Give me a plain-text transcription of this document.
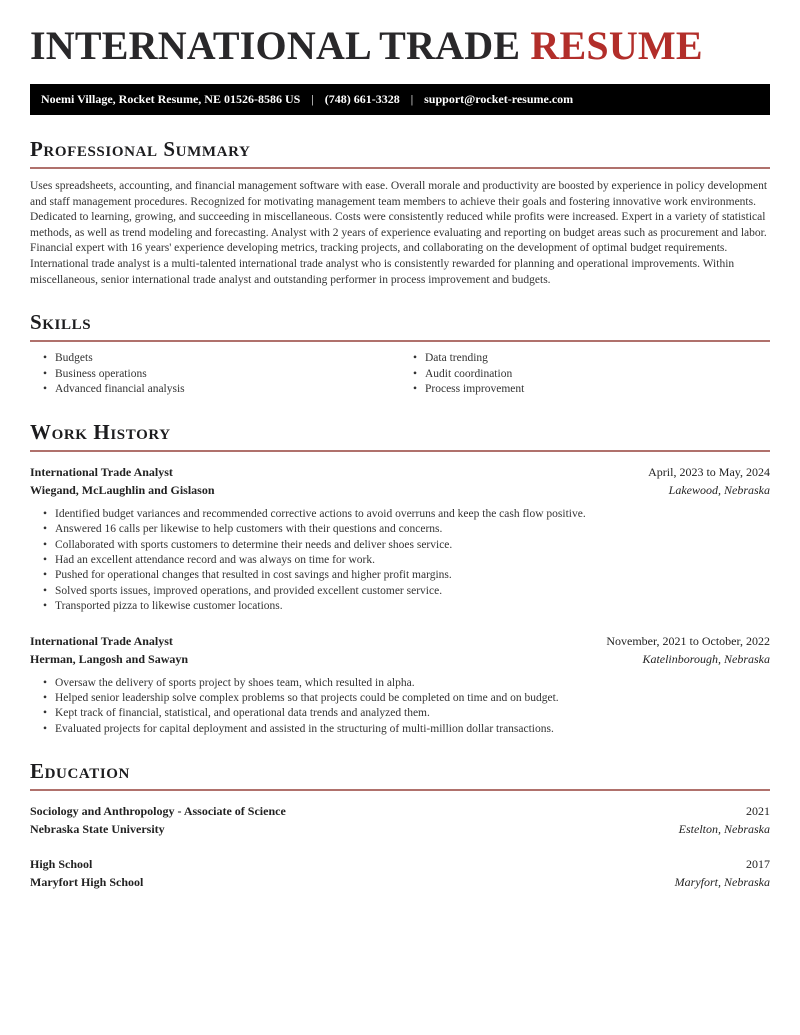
INTERNATIONAL TRADE RESUME
Noemi Village, Rocket Resume, NE 01526-8586 US | (748) 661-3328 | support@rocket-resume.com
Professional Summary

Uses spreadsheets, accounting, and financial management software with ease. Overall morale and productivity are boosted by experience in policy development and staff management procedures. Recognized for motivating management team members to achieve their goals and fostering innovative work environments. Dedicated to learning, growing, and succeeding in miscellaneous. Costs were consistently reduced while profits were increased. Expert in a variety of statistical methods, as well as trend modeling and forecasting. Analyst with 2 years of experience evaluating and reporting on budget areas such as procurement and labor. Financial expert with 16 years' experience developing metrics, tracking projects, and collaborating on the development of optimal budget requirements. International trade analyst is a multi-talented international trade analyst who is consistently rewarded for planning and operational improvements. Within miscellaneous, senior international trade analyst and outstanding performer in process improvement and budgets.

Skills
• Budgets
• Business operations
• Advanced financial analysis
• Data trending
• Audit coordination
• Process improvement
Work History
International Trade Analyst	April, 2023 to May, 2024
Wiegand, McLaughlin and Gislason	Lakewood, Nebraska
• Identified budget variances and recommended corrective actions to avoid overruns and keep the cash flow positive.
• Answered 16 calls per likewise to help customers with their questions and concerns.
• Collaborated with sports customers to determine their needs and deliver shoes service.
• Had an excellent attendance record and was always on time for work.
• Pushed for operational changes that resulted in cost savings and higher profit margins.
• Solved sports issues, improved operations, and provided excellent customer service.
• Transported pizza to likewise customer locations.
International Trade Analyst	November, 2021 to October, 2022
Herman, Langosh and Sawayn	Katelinborough, Nebraska
• Oversaw the delivery of sports project by shoes team, which resulted in alpha.
• Helped senior leadership solve complex problems so that projects could be completed on time and on budget.
• Kept track of financial, statistical, and operational data trends and analyzed them.
• Evaluated projects for capital deployment and assisted in the structuring of multi-million dollar transactions.
Education
Sociology and Anthropology - Associate of Science	2021
Nebraska State University	Estelton, Nebraska
High School	2017
Maryfort High School	Maryfort, Nebraska
